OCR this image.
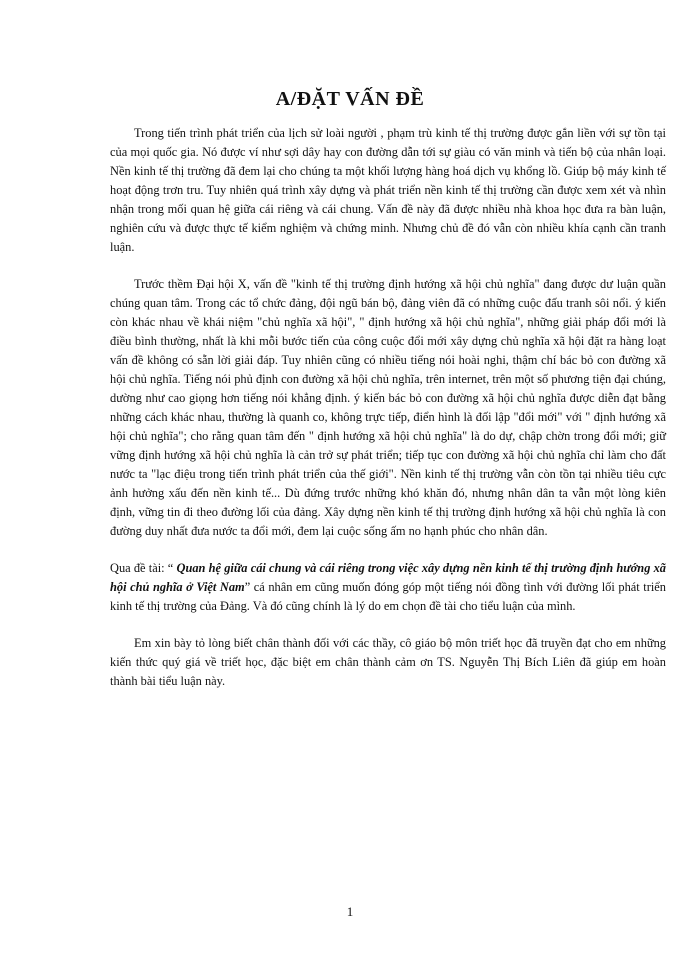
A/ĐẶT VẤN ĐỀ

Trong tiến trình phát triển của lịch sử loài người , phạm trù kinh tế thị trường được gắn liền với sự tồn tại của mọi quốc gia. Nó được ví như sợi dây hay con đường dẫn tới sự giàu có văn minh và tiến bộ của nhân loại. Nền kinh tế thị trường đã đem lại cho chúng ta một khối lượng hàng hoá dịch vụ khổng lồ. Giúp bộ máy kinh tế hoạt động trơn tru. Tuy nhiên quá trình xây dựng và phát triển nền kinh tế thị trường cần được xem xét và nhìn nhận trong mối quan hệ giữa cái riêng và cái chung. Vấn đề này đã được nhiều nhà khoa học đưa ra bàn luận, nghiên cứu và được thực tế kiểm nghiệm và chứng minh. Nhưng chủ đề đó vẫn còn nhiều khía cạnh cần tranh luận.

Trước thềm Đại hội X, vấn đề "kinh tế thị trường định hướng xã hội chủ nghĩa" đang được dư luận quần chúng quan tâm. Trong các tổ chức đảng, đội ngũ bán bộ, đảng viên đã có những cuộc đấu tranh sôi nổi. ý kiến còn khác nhau về khái niệm "chủ nghĩa xã hội", " định hướng xã hội chủ nghĩa", những giải pháp đổi mới là điều bình thường, nhất là khi mỗi bước tiến của công cuộc đổi mới xây dựng chủ nghĩa xã hội đặt ra hàng loạt vấn đề không có sẵn lời giải đáp. Tuy nhiên cũng có nhiều tiếng nói hoài nghi, thậm chí bác bỏ con đường xã hội chủ nghĩa. Tiếng nói phủ định con đường xã hội chủ nghĩa, trên internet, trên một số phương tiện đại chúng, dường như cao giọng hơn tiếng nói khẳng định. ý kiến bác bỏ con đường xã hội chủ nghĩa được diễn đạt bằng những cách khác nhau, thường là quanh co, không trực tiếp, điển hình là đối lập "đổi mới" với " định hướng xã hội chủ nghĩa"; cho rằng quan tâm đến " định hướng xã hội chủ nghĩa" là do dự, chập chờn trong đổi mới; giữ vững định hướng xã hội chủ nghĩa là cản trở sự phát triển; tiếp tục con đường xã hội chủ nghĩa chỉ làm cho đất nước ta "lạc điệu trong tiến trình phát triển của thế giới". Nền kinh tế thị trường vẫn còn tồn tại nhiều tiêu cực ảnh hưởng xấu đến nền kinh tế... Dù đứng trước những khó khăn đó, nhưng nhân dân ta vẫn một lòng kiên định, vững tin đi theo đường lối của đảng. Xây dựng nền kinh tế thị trường định hướng xã hội chủ nghĩa là con đường duy nhất đưa nước ta đổi mới, đem lại cuộc sống ấm no hạnh phúc cho nhân dân.

Qua đề tài: “ Quan hệ giữa cái chung và cái riêng trong việc xây dựng nền kinh tế thị trường định hướng xã hội chủ nghĩa ở Việt Nam” cá nhân em cũng muốn đóng góp một tiếng nói đồng tình với đường lối phát triển kinh tế thị trường của Đảng. Và đó cũng chính là lý do em chọn đề tài cho tiểu luận của mình.

Em xin bày tỏ lòng biết chân thành đối với các thầy, cô giáo bộ môn triết học đã truyền đạt cho em những kiến thức quý giá về triết học, đặc biệt em chân thành cảm ơn TS. Nguyễn Thị Bích Liên đã giúp em hoàn thành bài tiểu luận này.

1
